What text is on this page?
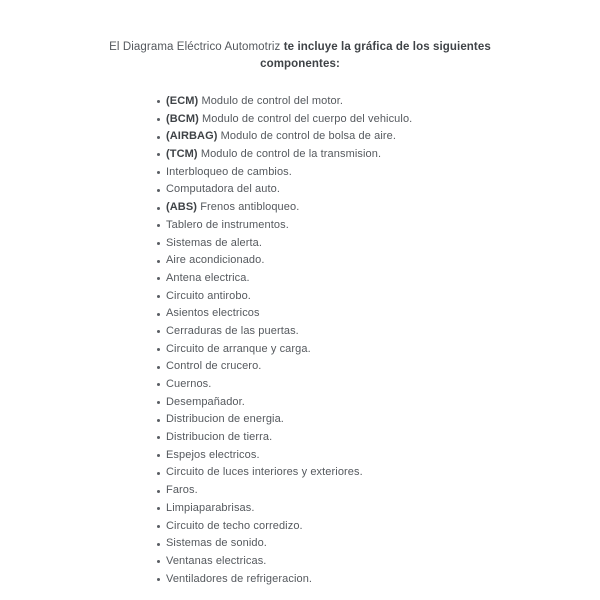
El Diagrama Eléctrico Automotriz te incluye la gráfica de los siguientes
componentes:
(ECM) Modulo de control del motor.
(BCM) Modulo de control del cuerpo del vehiculo.
(AIRBAG) Modulo de control de bolsa de aire.
(TCM) Modulo de control de la transmision.
Interbloqueo de cambios.
Computadora del auto.
(ABS) Frenos antibloqueo.
Tablero de instrumentos.
Sistemas de alerta.
Aire acondicionado.
Antena electrica.
Circuito antirobo.
Asientos electricos
Cerraduras de las puertas.
Circuito de arranque y carga.
Control de crucero.
Cuernos.
Desempañador.
Distribucion de energia.
Distribucion de tierra.
Espejos electricos.
Circuito de luces interiores y exteriores.
Faros.
Limpiaparabrisas.
Circuito de techo corredizo.
Sistemas de sonido.
Ventanas electricas.
Ventiladores de refrigeracion.
